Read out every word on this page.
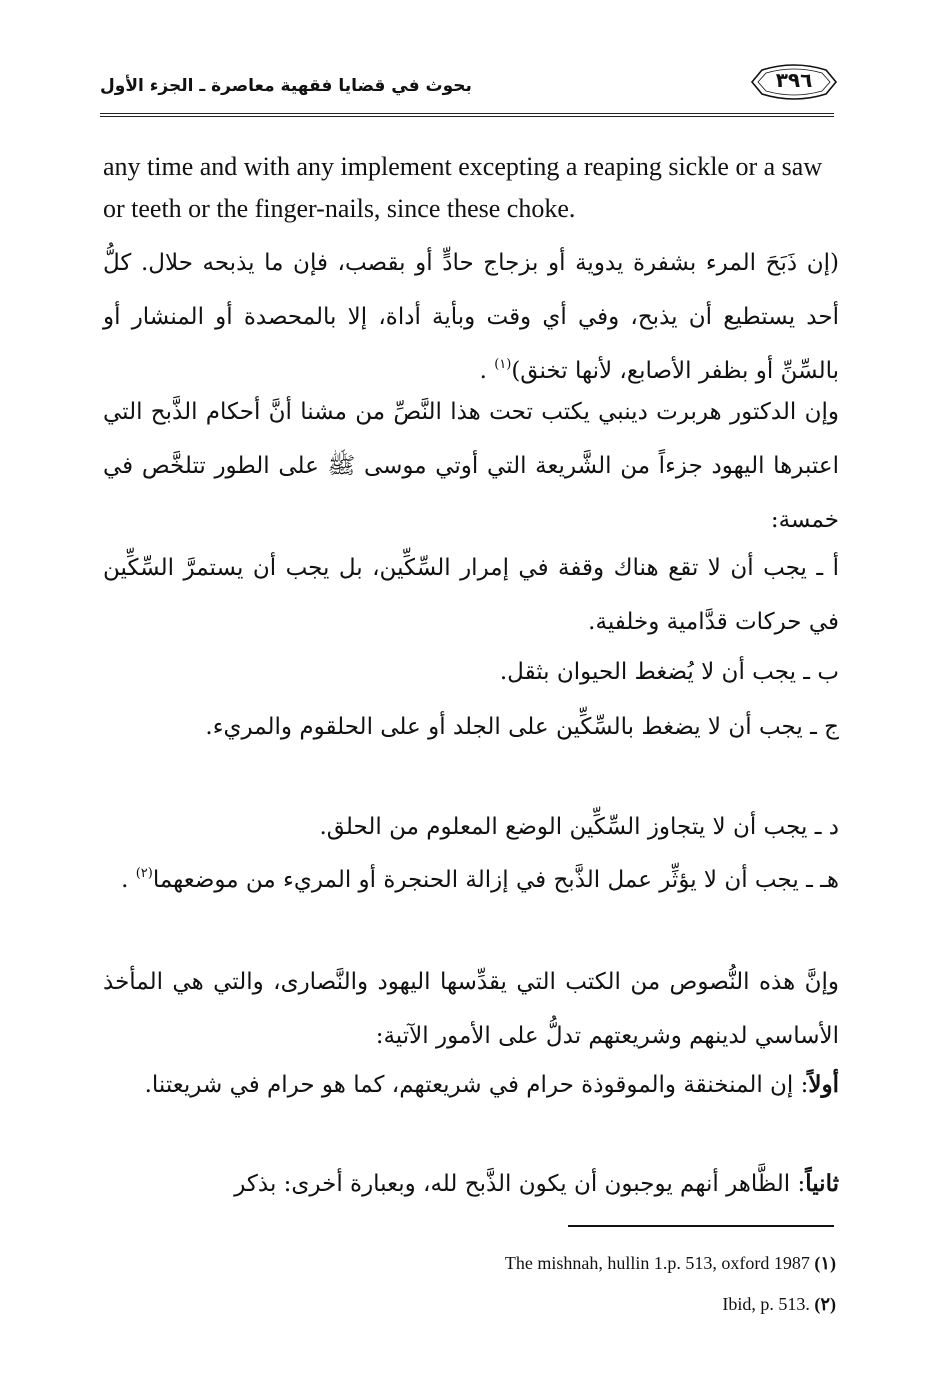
بحوث في قضايا فقهية معاصرة ـ الجزء الأول	٣٩٦
any time and with any implement excepting a reaping sickle or a saw or teeth or the finger-nails, since these choke.
(إن ذَبَحَ المرء بشفرة يدوية أو بزجاج حادٍّ أو بقصب، فإن ما يذبحه حلال. كلُّ أحد يستطيع أن يذبح، وفي أي وقت وبأية أداة، إلا بالمحصدة أو المنشار أو بالسِّنِّ أو بظفر الأصابع، لأنها تخنق)$^{(١)}$ .
وإن الدكتور هربرت دينبي يكتب تحت هذا النَّصِّ من مشنا أنَّ أحكام الذَّبح التي اعتبرها اليهود جزءاً من الشَّريعة التي أوتي موسى ﷺ على الطور تتلخَّص في خمسة:
أ ـ يجب أن لا تقع هناك وقفة في إمرار السِّكِّين، بل يجب أن يستمرَّ السِّكِّين في حركات قدَّامية وخلفية.
ب ـ يجب أن لا يُضغط الحيوان بثقل.
ج ـ يجب أن لا يضغط بالسِّكِّين على الجلد أو على الحلقوم والمريء.
د ـ يجب أن لا يتجاوز السِّكِّين الوضع المعلوم من الحلق.
هـ ـ يجب أن لا يؤثِّر عمل الذَّبح في إزالة الحنجرة أو المريء من موضعهما$^{(٢)}$ .
وإنَّ هذه النُّصوص من الكتب التي يقدِّسها اليهود والنَّصارى، والتي هي المأخذ الأساسي لدينهم وشريعتهم تدلُّ على الأمور الآتية:
أولاً: إن المنخنقة والموقوذة حرام في شريعتهم، كما هو حرام في شريعتنا.
ثانياً: الظَّاهر أنهم يوجبون أن يكون الذَّبح لله، وبعبارة أخرى: بذكر
The mishnah, hullin 1.p. 513, oxford 1987 (١)
Ibid, p. 513. (٢)
